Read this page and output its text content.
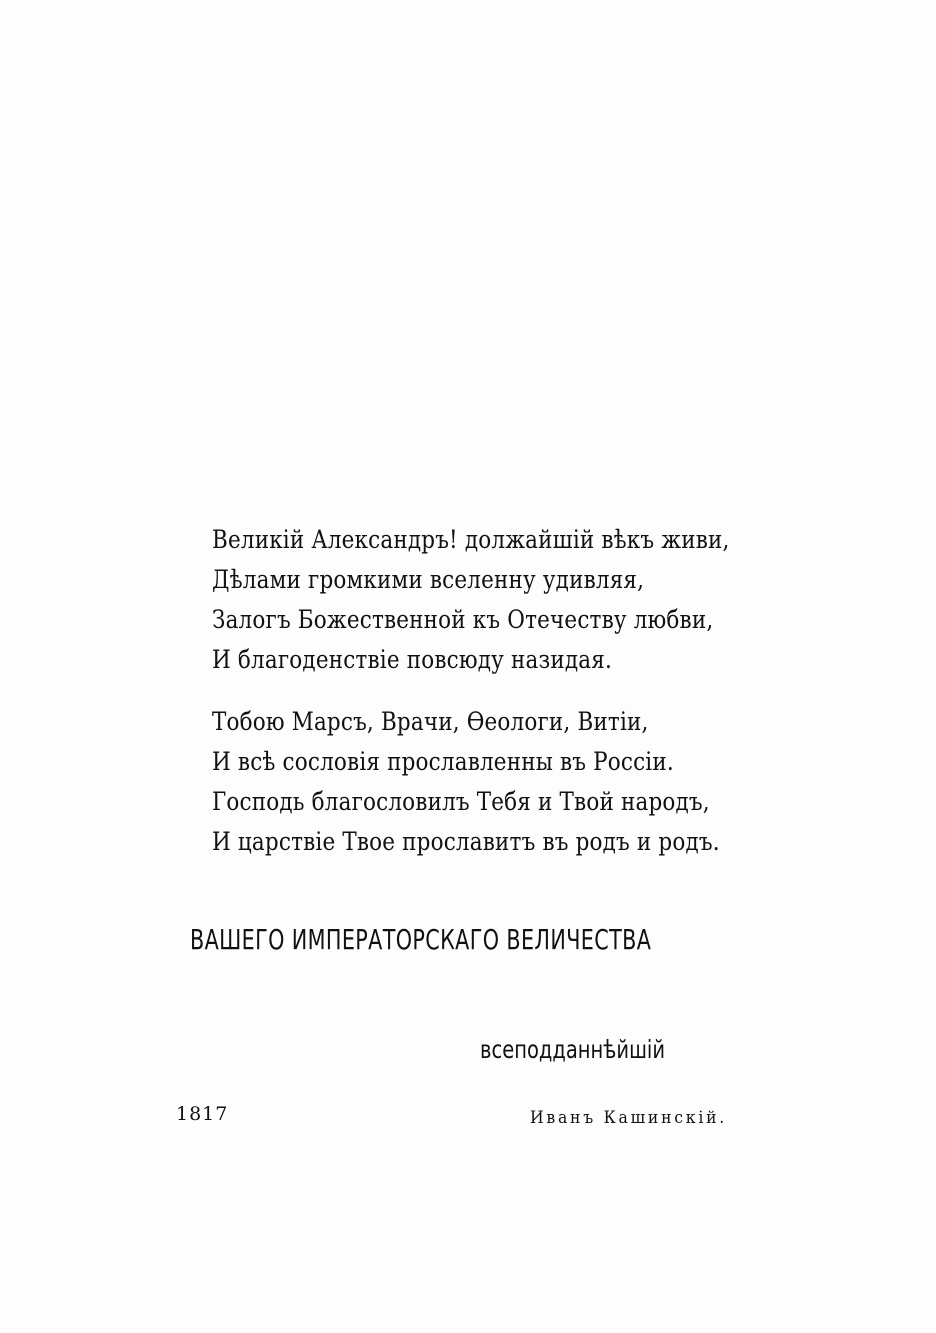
Великій Александръ! должайшій вѣкъ живи,
Дѣлами громкими вселенну удивляя,
Залогъ Божественной къ Отечеству любви,
И благоденствіе повсюду назидая.
Тобою Марсъ, Врачи, Ѳеологи, Витіи,
И всѣ сословія прославленны въ Россіи.
Господь благословилъ Тебя и Твой народъ,
И царствіе Твое прославитъ въ родъ и родъ.
ВАШЕГО ИМПЕРАТОРСКАГО ВЕЛИЧЕСТВА
всеподданнѣйшій
1817	Иванъ Кашинскій.
